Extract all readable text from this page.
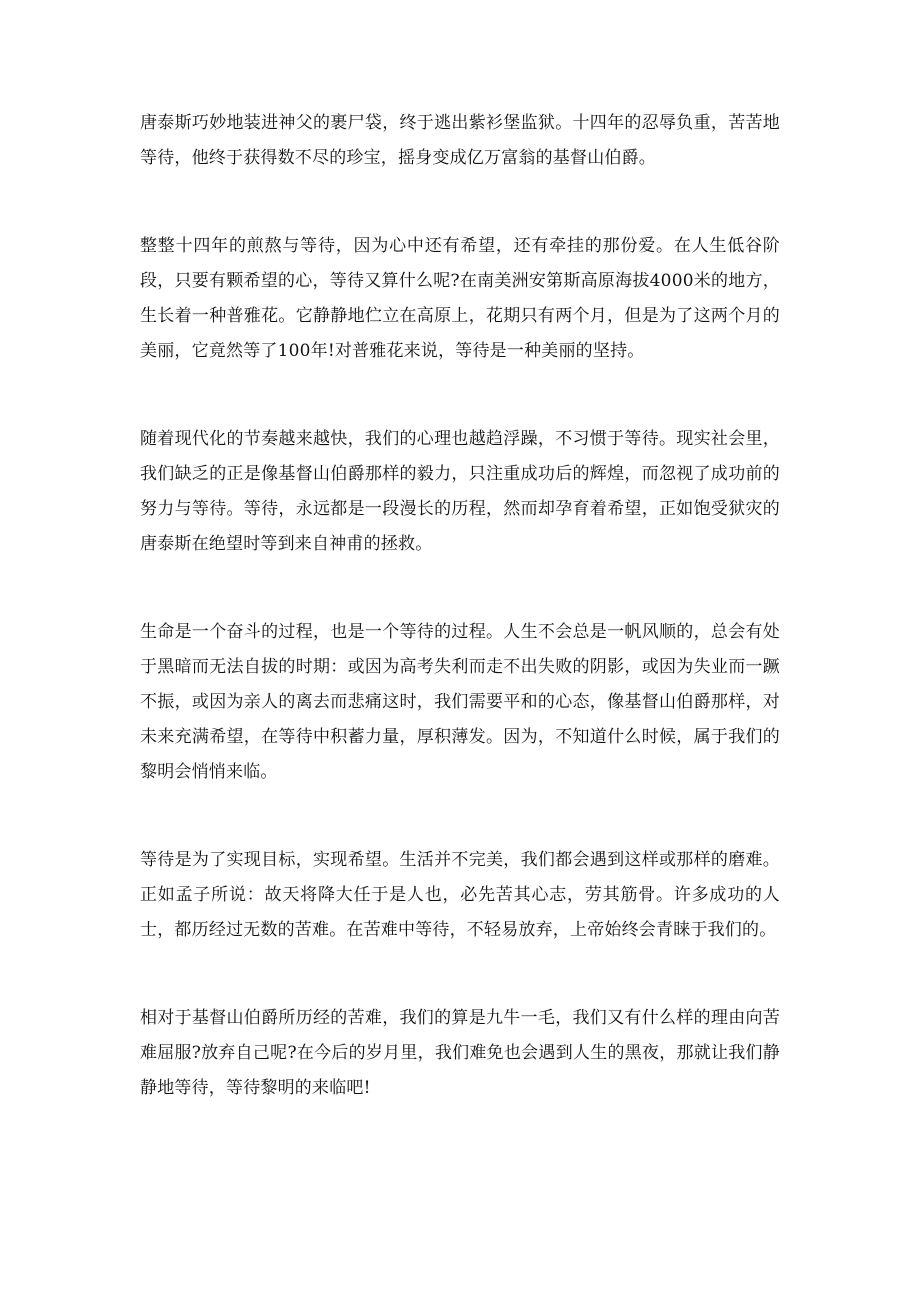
唐泰斯巧妙地装进神父的裹尸袋，终于逃出紫衫堡监狱。十四年的忍辱负重，苦苦地等待，他终于获得数不尽的珍宝，摇身变成亿万富翁的基督山伯爵。

整整十四年的煎熬与等待，因为心中还有希望，还有牵挂的那份爱。在人生低谷阶段，只要有颗希望的心，等待又算什么呢?在南美洲安第斯高原海拔4000米的地方，生长着一种普雅花。它静静地伫立在高原上，花期只有两个月，但是为了这两个月的美丽，它竟然等了100年!对普雅花来说，等待是一种美丽的坚持。

随着现代化的节奏越来越快，我们的心理也越趋浮躁，不习惯于等待。现实社会里，我们缺乏的正是像基督山伯爵那样的毅力，只注重成功后的辉煌，而忽视了成功前的努力与等待。等待，永远都是一段漫长的历程，然而却孕育着希望，正如饱受狱灾的唐泰斯在绝望时等到来自神甫的拯救。

生命是一个奋斗的过程，也是一个等待的过程。人生不会总是一帆风顺的，总会有处于黑暗而无法自拔的时期：或因为高考失利而走不出失败的阴影，或因为失业而一蹶不振，或因为亲人的离去而悲痛这时，我们需要平和的心态，像基督山伯爵那样，对未来充满希望，在等待中积蓄力量，厚积薄发。因为，不知道什么时候，属于我们的黎明会悄悄来临。

等待是为了实现目标，实现希望。生活并不完美，我们都会遇到这样或那样的磨难。正如孟子所说：故天将降大任于是人也，必先苦其心志，劳其筋骨。许多成功的人士，都历经过无数的苦难。在苦难中等待，不轻易放弃，上帝始终会青睐于我们的。

相对于基督山伯爵所历经的苦难，我们的算是九牛一毛，我们又有什么样的理由向苦难屈服?放弃自己呢?在今后的岁月里，我们难免也会遇到人生的黑夜，那就让我们静静地等待，等待黎明的来临吧!
